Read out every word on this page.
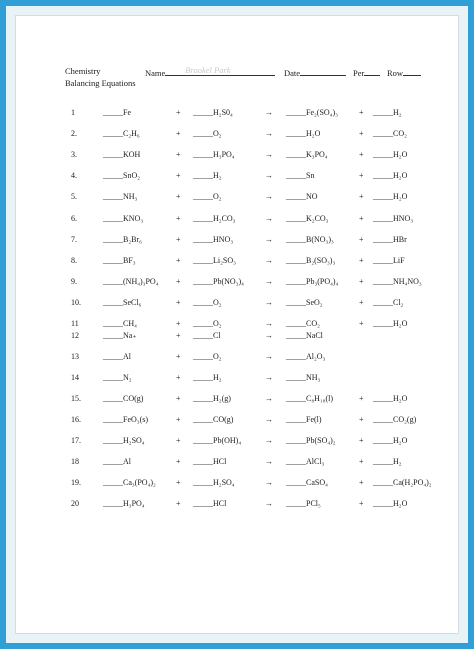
Chemistry
Balancing Equations
Name Brookel Park	Date	Per	Row
1	_____Fe	+ _____H₂S0₄	→ _____Fe₂(SO₄)₃	+ _____H₂
2.	_____C₂H₆	+ _____O₂	→ _____H₂O	+ _____CO₂
3.	_____KOH	+ _____H₃PO₄	→ _____K₃PO₄	+ _____H₂O
4.	_____SnO₂	+ _____H₂	→ _____Sn	+ _____H₂O
5.	_____NH₃	+ _____O₂	→ _____NO	+ _____H₂O
6.	_____KNO₃	+ _____H₂CO₃	→ _____K₂CO₃	+ _____HNO₃
7.	_____B₂Br₆	+ _____HNO₃	→ _____B(NO₃)₃	+ _____HBr
8.	_____BF₃	+ _____Li₂SO₃	→ _____B₂(SO₃)₃	+ _____LiF
9.	_____(NH₄)₃PO₄ + _____Pb(NO₃)₄	→ _____Pb₃(PO₄)₄	+ _____NH₄NO₃
10.	_____SeCl₆	+ _____O₂	→ _____SeO₂	+ _____Cl₂
11	_____CH₄	+ _____O₂	→ _____CO₂	+ _____H₂O
12	_____Na₊	+ _____Cl	→ _____NaCl
13	_____Al	+ _____O₂	→ _____Al₂O₃
14	_____N₂	+ _____H₂	→ _____NH₃
15.	_____CO(g)	+ _____H₂(g)	→ _____C₈H₁₈(l)	+ _____H₂O
16.	_____FeO₃(s)	+ _____CO(g)	→ _____Fe(l)	+ _____CO₂(g)
17.	_____H₂SO₄	+ _____Pb(OH)₄	→ _____Pb(SO₄)₂	+ _____H₂O
18	_____Al	+ _____HCl	→ _____AlCl₃	+ _____H₂
19.	_____Ca₃(PO₄)₂	+ _____H₂SO₄	→ _____CaSO₄	+ _____Ca(H₂PO₄)₂
20	_____H₃PO₄	+ _____HCl	→ _____PCl₅	+ _____H₂O
